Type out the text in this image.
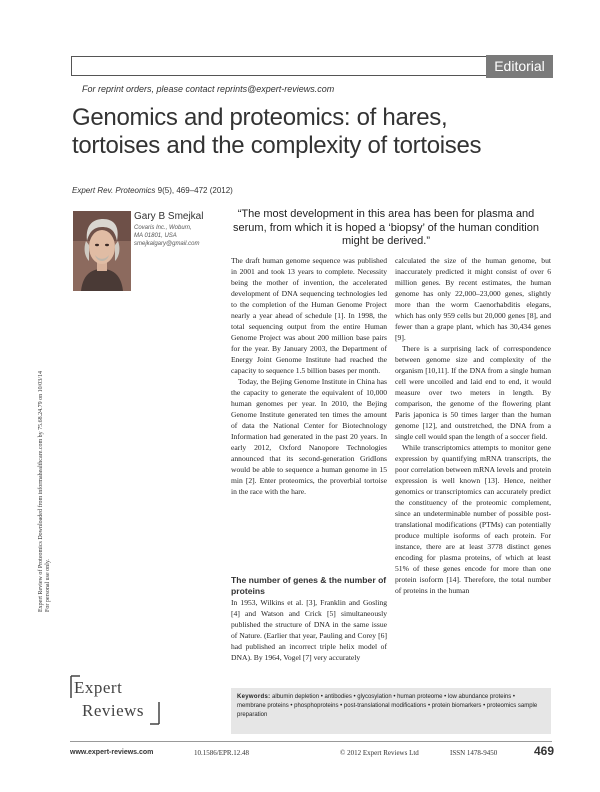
Editorial
For reprint orders, please contact reprints@expert-reviews.com
Genomics and proteomics: of hares,
tortoises and the complexity of tortoises
Expert Rev. Proteomics 9(5), 469–472 (2012)
Expert Review of Proteomics Downloaded from informahealthcare.com by 75.68.24.79 on 10/03/14 For personal use only.
Gary B Smejkal
Covaris Inc., Woburn,
MA 01801, USA
smejkalgary@gmail.com
“The most development in this area has been for plasma and serum, from which it is hoped a ‘biopsy’ of the human condition might be derived.”

The draft human genome sequence was published in 2001 and took 13 years to complete. Necessity being the mother of invention, the accelerated development of DNA sequencing technologies led to the completion of the Human Genome Project nearly a year ahead of schedule [1]. In 1998, the total sequencing output from the entire Human Genome Project was about 200 million base pairs for the year. By January 2003, the Department of Energy Joint Genome Institute had reached the capacity to sequence 1.5 billion bases per month.

Today, the Bejing Genome Institute in China has the capacity to generate the equivalent of 10,000 human genomes per year. In 2010, the Bejing Genome Institute generated ten times the amount of data the National Center for Biotechnology Information had generated in the past 20 years. In early 2012, Oxford Nanopore Technologies announced that its second-generation GridIons would be able to sequence a human genome in 15 min [2]. Enter proteomics, the proverbial tortoise in the race with the hare.

The number of genes & the number of proteins

In 1953, Wilkins et al. [3], Franklin and Gosling [4] and Watson and Crick [5] simultaneously published the structure of DNA in the same issue of Nature. (Earlier that year, Pauling and Corey [6] had published an incorrect triple helix model of DNA). By 1964, Vogel [7] very accurately

calculated the size of the human genome, but inaccurately predicted it might consist of over 6 million genes. By recent estimates, the human genome has only 22,000–23,000 genes, slightly more than the worm Caenorhabditis elegans, which has only 959 cells but 20,000 genes [8], and fewer than a grape plant, which has 30,434 genes [9].

There is a surprising lack of correspondence between genome size and complexity of the organism [10,11]. If the DNA from a single human cell were uncoiled and laid end to end, it would measure over two meters in length. By comparison, the genome of the flowering plant Paris japonica is 50 times larger than the human genome [12], and outstretched, the DNA from a single cell would span the length of a soccer field.

While transcriptomics attempts to monitor gene expression by quantifying mRNA transcripts, the poor correlation between mRNA levels and protein expression is well known [13]. Hence, neither genomics or transcriptomics can accurately predict the constituency of the proteomic complement, since an undeterminable number of possible post-translational modifications (PTMs) can potentially produce multiple isoforms of each protein. For instance, there are at least 3778 distinct genes encoding for plasma proteins, of which at least 51% of these genes encode for more than one protein isoform [14]. Therefore, the total number of proteins in the human

Expert
Reviews
Keywords: albumin depletion • antibodies • glycosylation • human proteome • low abundance proteins • membrane proteins • phosphoproteins • post-translational modifications • protein biomarkers • proteomics sample preparation
www.expert-reviews.com	10.1586/EPR.12.48	© 2012 Expert Reviews Ltd	ISSN 1478-9450	469
